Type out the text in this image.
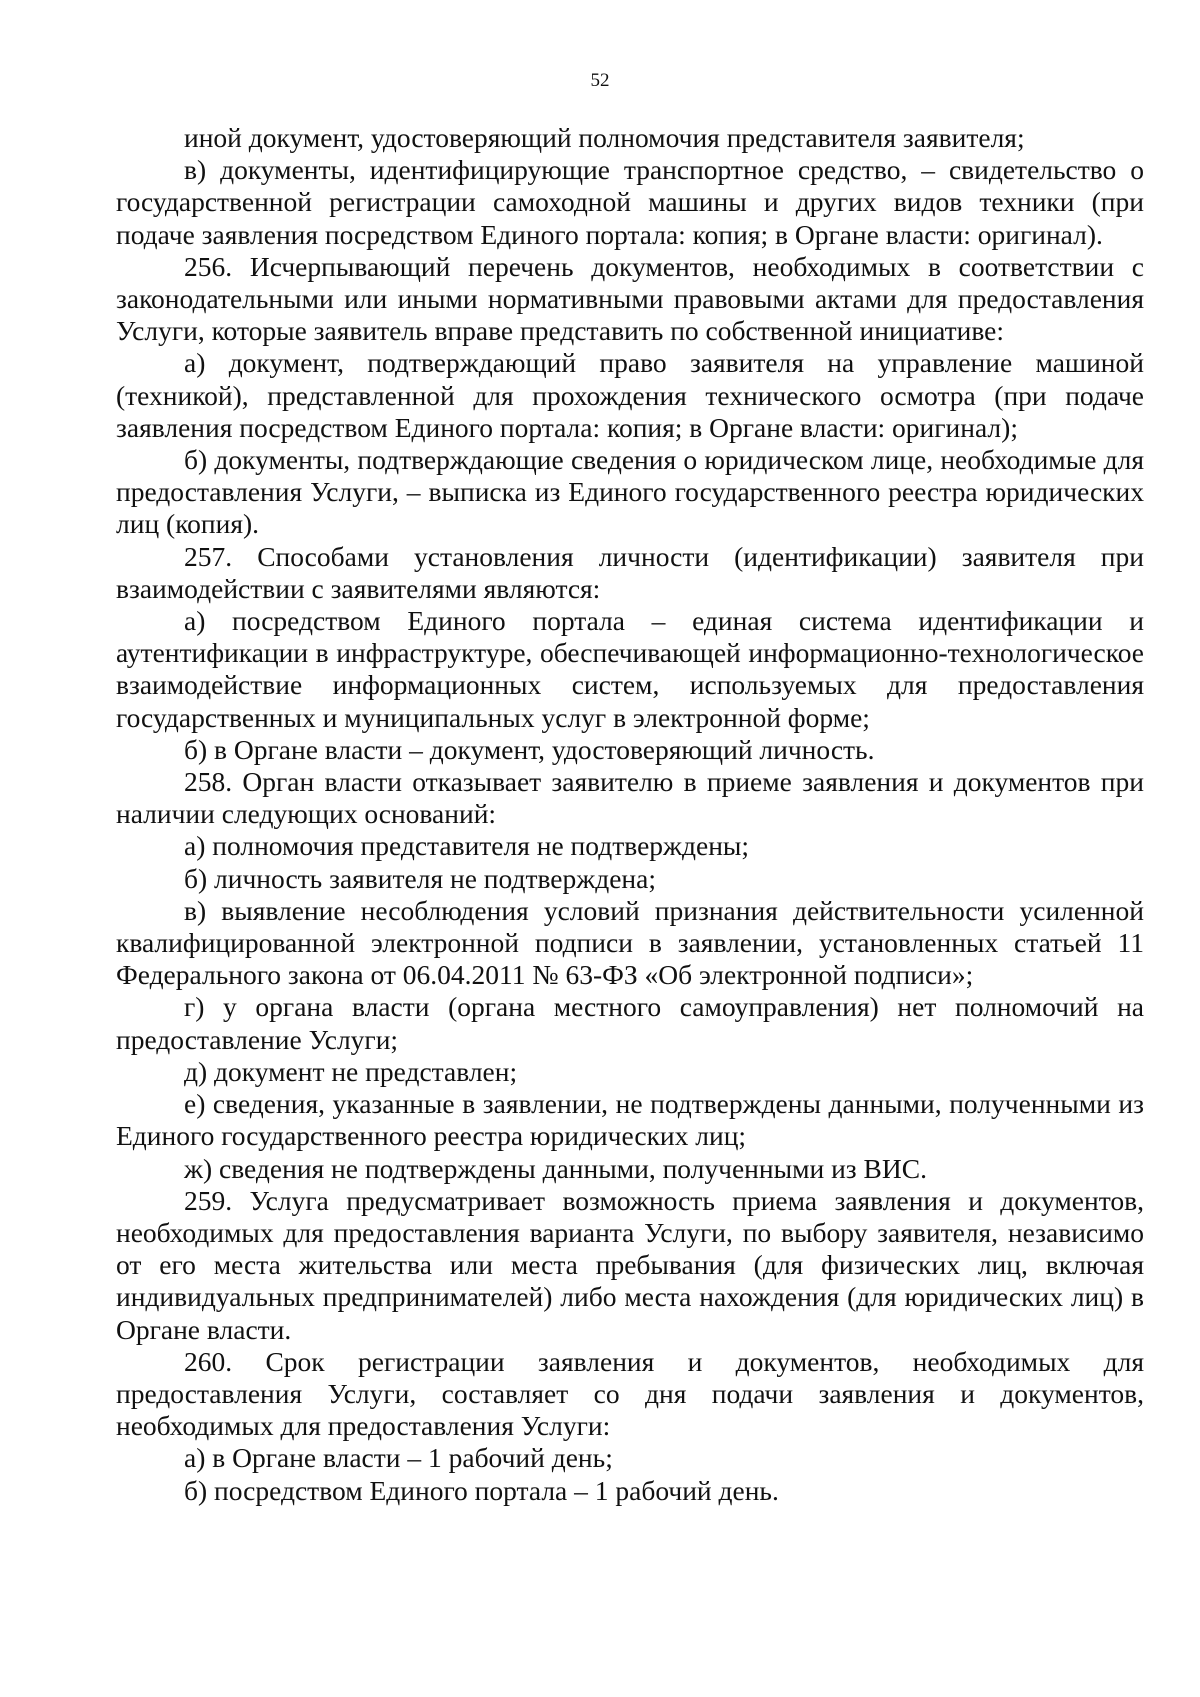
52

иной документ, удостоверяющий полномочия представителя заявителя;

в) документы, идентифицирующие транспортное средство, – свидетельство о государственной регистрации самоходной машины и других видов техники (при подаче заявления посредством Единого портала: копия; в Органе власти: оригинал).

256. Исчерпывающий перечень документов, необходимых в соответствии с законодательными или иными нормативными правовыми актами для предоставления Услуги, которые заявитель вправе представить по собственной инициативе:

а) документ, подтверждающий право заявителя на управление машиной (техникой), представленной для прохождения технического осмотра (при подаче заявления посредством Единого портала: копия; в Органе власти: оригинал);

б) документы, подтверждающие сведения о юридическом лице, необходимые для предоставления Услуги, – выписка из Единого государственного реестра юридических лиц (копия).

257. Способами установления личности (идентификации) заявителя при взаимодействии с заявителями являются:

а) посредством Единого портала – единая система идентификации и аутентификации в инфраструктуре, обеспечивающей информационно-технологическое взаимодействие информационных систем, используемых для предоставления государственных и муниципальных услуг в электронной форме;

б) в Органе власти – документ, удостоверяющий личность.

258. Орган власти отказывает заявителю в приеме заявления и документов при наличии следующих оснований:

а) полномочия представителя не подтверждены;

б) личность заявителя не подтверждена;

в) выявление несоблюдения условий признания действительности усиленной квалифицированной электронной подписи в заявлении, установленных статьей 11 Федерального закона от 06.04.2011 № 63-ФЗ «Об электронной подписи»;

г) у органа власти (органа местного самоуправления) нет полномочий на предоставление Услуги;

д) документ не представлен;

е) сведения, указанные в заявлении, не подтверждены данными, полученными из Единого государственного реестра юридических лиц;

ж) сведения не подтверждены данными, полученными из ВИС.

259. Услуга предусматривает возможность приема заявления и документов, необходимых для предоставления варианта Услуги, по выбору заявителя, независимо от его места жительства или места пребывания (для физических лиц, включая индивидуальных предпринимателей) либо места нахождения (для юридических лиц) в Органе власти.

260. Срок регистрации заявления и документов, необходимых для предоставления Услуги, составляет со дня подачи заявления и документов, необходимых для предоставления Услуги:

а) в Органе власти – 1 рабочий день;

б) посредством Единого портала – 1 рабочий день.
